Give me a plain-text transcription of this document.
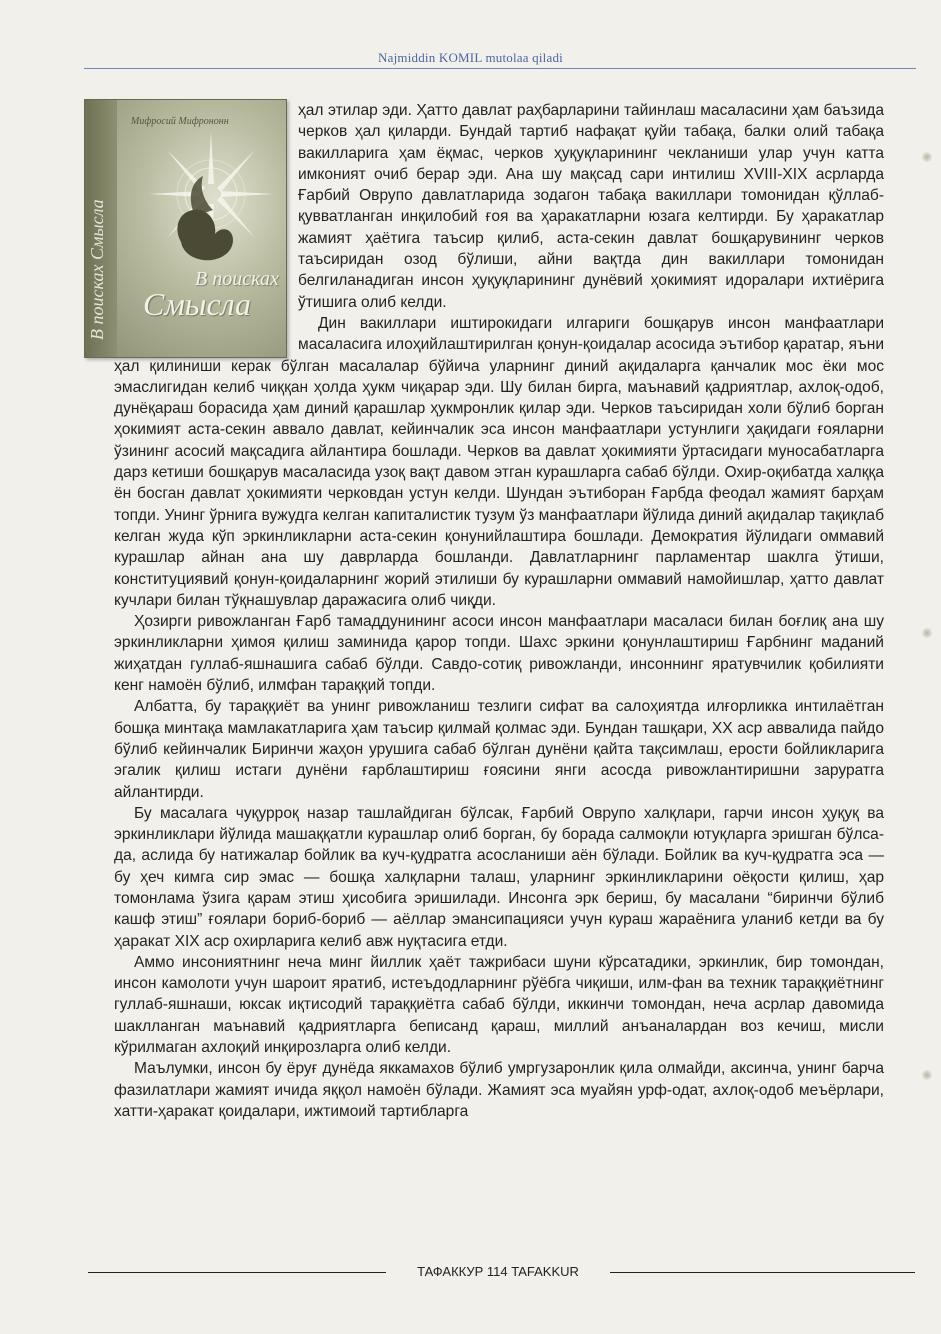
Najmiddin KOMIL mutolaa qiladi
В поисках Смысла
Мифросий Мифрононн
В поисках
Смысла

ҳал этилар эди. Ҳатто давлат раҳбарларини тайинлаш масаласини ҳам баъзида черков ҳал қиларди. Бундай тартиб нафақат қуйи табақа, балки олий табақа вакилларига ҳам ёқмас, черков ҳуқуқларининг чекланиши улар учун катта имконият очиб берар эди. Ана шу мақсад сари интилиш XVIII-XIX асрларда Ғарбий Оврупо давлатларида зодагон табақа вакиллари томонидан қўллаб-қувватланган инқилобий ғоя ва ҳаракатларни юзага келтирди. Бу ҳаракатлар жамият ҳаётига таъсир қилиб, аста-секин давлат бошқарувининг черков таъсиридан озод бўлиши, айни вақтда дин вакиллари томонидан белгиланадиган инсон ҳуқуқларининг дунёвий ҳокимият идоралари ихтиёрига ўтишига олиб келди.

Дин вакиллари иштирокидаги илгариги бошқарув инсон манфаатлари масаласига илоҳийлаштирилган қонун-қоидалар асосида эътибор қаратар, яъни ҳал қилиниши керак бўлган масалалар бўйича уларнинг диний ақидаларга қанчалик мос ёки мос эмаслигидан келиб чиққан ҳолда ҳукм чиқарар эди. Шу билан бирга, маънавий қадриятлар, ахлоқ-одоб, дунёқараш борасида ҳам диний қарашлар ҳукмронлик қилар эди. Черков таъсиридан холи бўлиб борган ҳокимият аста-секин аввало давлат, кейинчалик эса инсон манфаатлари устунлиги ҳақидаги ғояларни ўзининг асосий мақсадига айлантира бошлади. Черков ва давлат ҳокимияти ўртасидаги муносабатларга дарз кетиши бошқарув масаласида узоқ вақт давом этган курашларга сабаб бўлди. Охир-оқибатда халққа ён босган давлат ҳокимияти черковдан устун келди. Шундан эътиборан Ғарбда феодал жамият барҳам топди. Унинг ўрнига вужудга келган капиталистик тузум ўз манфаатлари йўлида диний ақидалар тақиқлаб келган жуда кўп эркинликларни аста-секин қонунийлаштира бошлади. Демократия йўлидаги оммавий курашлар айнан ана шу даврларда бошланди. Давлатларнинг парламентар шаклга ўтиши, конституциявий қонун-қоидаларнинг жорий этилиши бу курашларни оммавий намойишлар, ҳатто давлат кучлари билан тўқнашувлар даражасига олиб чиқди.

Ҳозирги ривожланган Ғарб тамаддунининг асоси инсон манфаатлари масаласи билан боғлиқ ана шу эркинликларни ҳимоя қилиш заминида қарор топди. Шахс эркини қонунлаштириш Ғарбнинг маданий жиҳатдан гуллаб-яшнашига сабаб бўлди. Савдо-сотиқ ривожланди, инсоннинг яратувчилик қобилияти кенг намоён бўлиб, илмфан тараққий топди.

Албатта, бу тараққиёт ва унинг ривожланиш тезлиги сифат ва салоҳиятда илғорликка интилаётган бошқа минтақа мамлакатларига ҳам таъсир қилмай қолмас эди. Бундан ташқари, XX аср аввалида пайдо бўлиб кейинчалик Биринчи жаҳон урушига сабаб бўлган дунёни қайта тақсимлаш, ерости бойликларига эгалик қилиш истаги дунёни ғарблаштириш ғоясини янги асосда ривожлантиришни заруратга айлантирди.

Бу масалага чуқурроқ назар ташлайдиган бўлсак, Ғарбий Оврупо халқлари, гарчи инсон ҳуқуқ ва эркинликлари йўлида машаққатли курашлар олиб борган, бу борада салмоқли ютуқларга эришган бўлса-да, аслида бу натижалар бойлик ва куч-қудратга асосланиши аён бўлади. Бойлик ва куч-қудратга эса — бу ҳеч кимга сир эмас — бошқа халқларни талаш, уларнинг эркинликларини оёқости қилиш, ҳар томонлама ўзига қарам этиш ҳисобига эришилади. Инсонга эрк бериш, бу масалани “биринчи бўлиб кашф этиш” ғоялари бориб-бориб — аёллар эмансипацияси учун кураш жараёнига уланиб кетди ва бу ҳаракат XIX аср охирларига келиб авж нуқтасига етди.

Аммо инсониятнинг неча минг йиллик ҳаёт тажрибаси шуни кўрсатадики, эркинлик, бир томондан, инсон камолоти учун шароит яратиб, истеъдодларнинг рўёбга чиқиши, илм-фан ва техник тараққиётнинг гуллаб-яшнаши, юксак иқтисодий тараққиётга сабаб бўлди, иккинчи томондан, неча асрлар давомида шаклланган маънавий қадриятларга беписанд қараш, миллий анъаналардан воз кечиш, мисли кўрилмаган ахлоқий инқирозларга олиб келди.

Маълумки, инсон бу ёруғ дунёда яккамахов бўлиб умргузаронлик қила олмайди, аксинча, унинг барча фазилатлари жамият ичида яққол намоён бўлади. Жамият эса муайян урф-одат, ахлоқ-одоб меъёрлари, хатти-ҳаракат қоидалари, ижтимоий тартибларга

ТАФАККУР 114 TAFAKKUR
